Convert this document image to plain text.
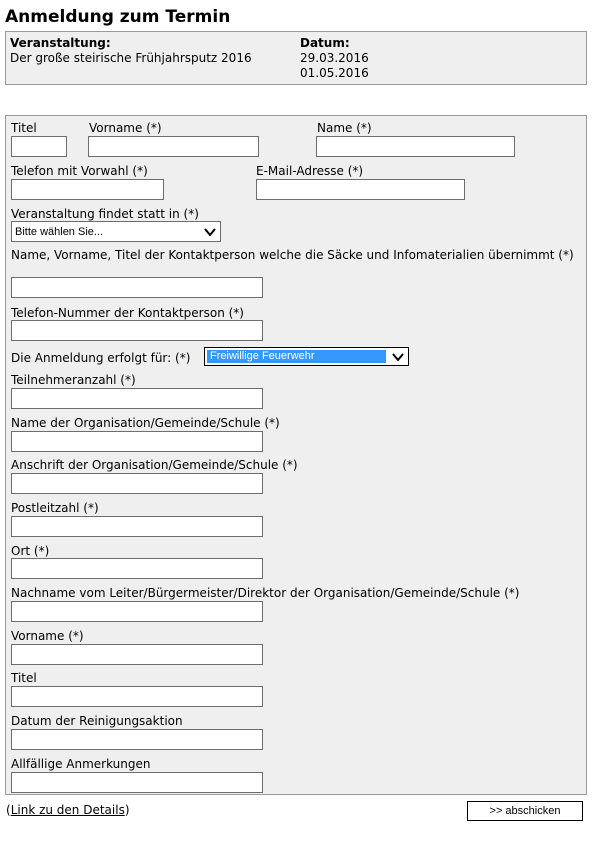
Anmeldung zum Termin
Veranstaltung:
Der große steirische Frühjahrsputz 2016
Datum:
29.03.2016
01.05.2016
Titel	Vorname (*)	Name (*)
Telefon mit Vorwahl (*)	E-Mail-Adresse (*)
Veranstaltung findet statt in (*)
Bitte wählen Sie...
Name, Vorname, Titel der Kontaktperson welche die Säcke und Infomaterialien übernimmt (*)
Telefon-Nummer der Kontaktperson (*)
Die Anmeldung erfolgt für: (*) Freiwillige Feuerwehr
Teilnehmeranzahl (*)
Name der Organisation/Gemeinde/Schule (*)
Anschrift der Organisation/Gemeinde/Schule (*)
Postleitzahl (*)
Ort (*)
Nachname vom Leiter/Bürgermeister/Direktor der Organisation/Gemeinde/Schule (*)
Vorname (*)
Titel
Datum der Reinigungsaktion
Allfällige Anmerkungen
(Link zu den Details)	>> abschicken
